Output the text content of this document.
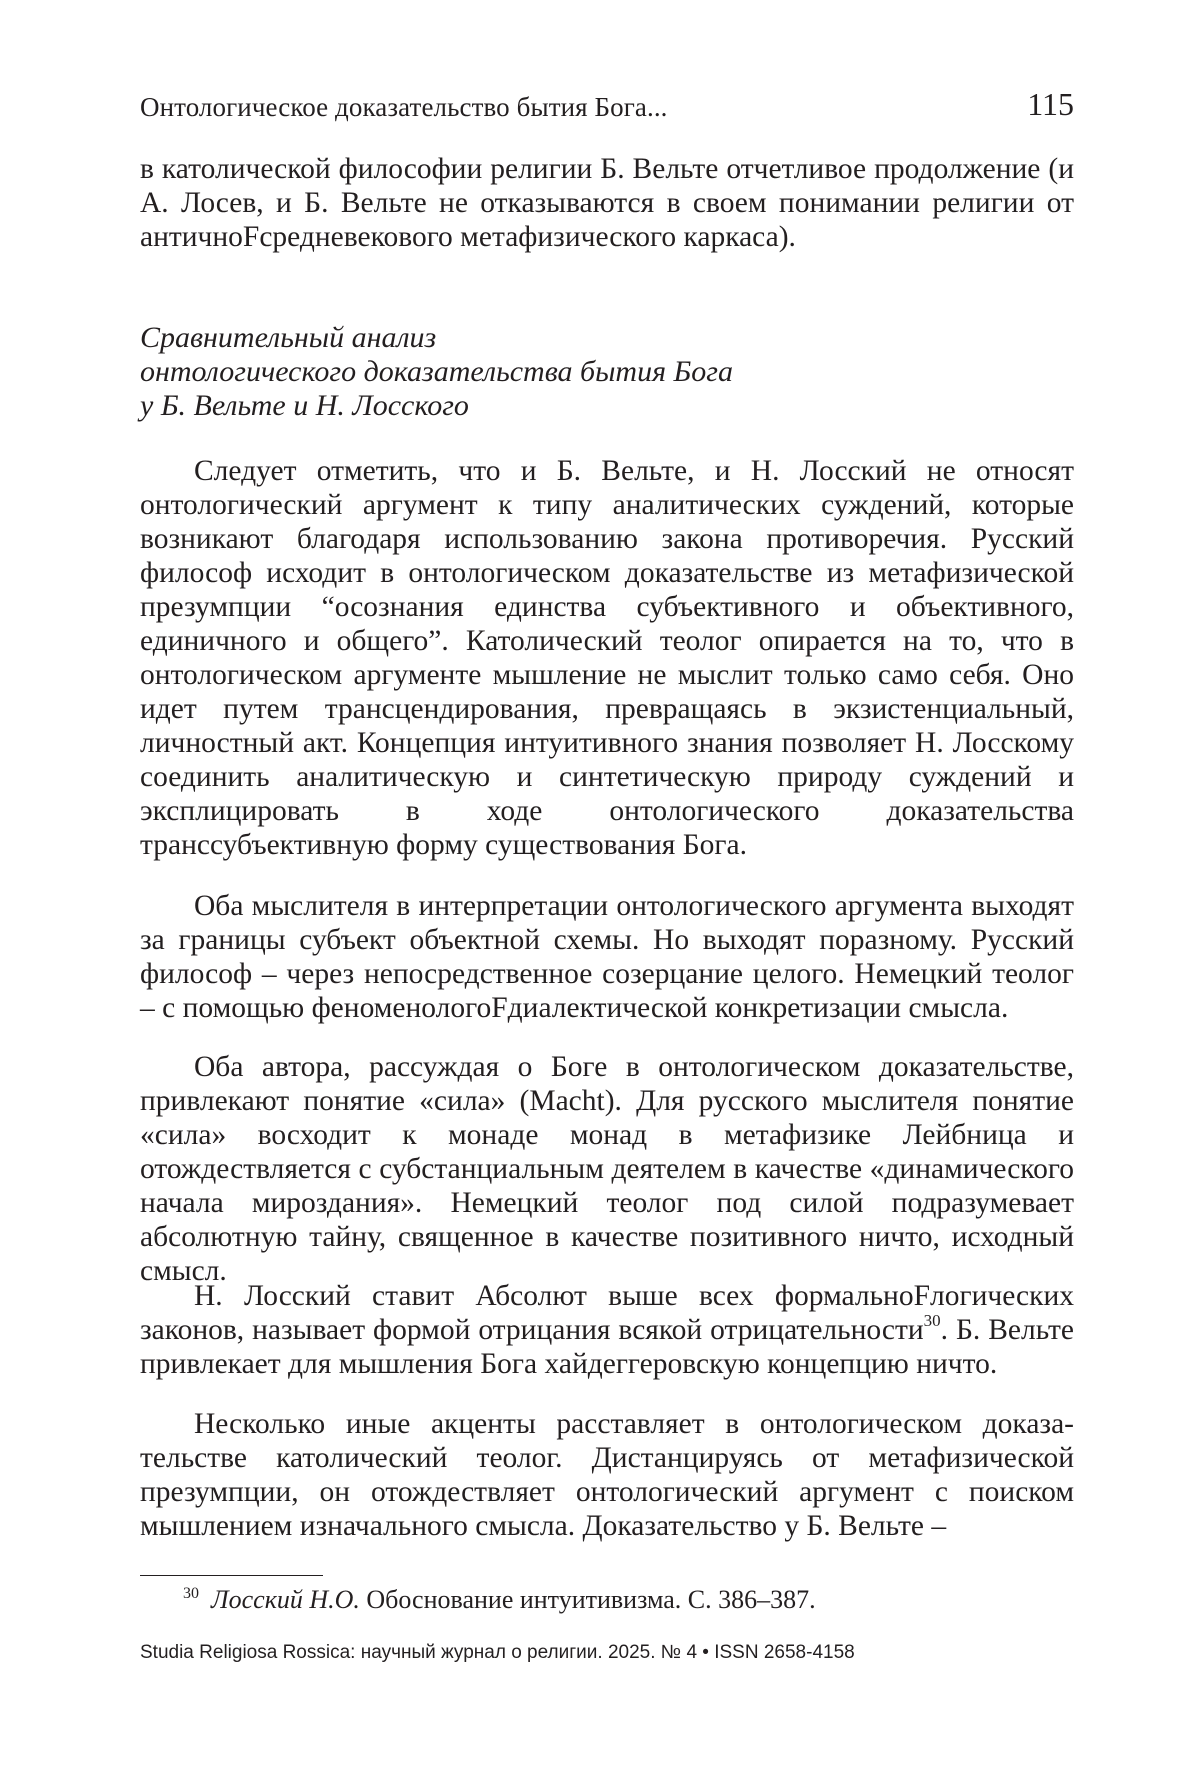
Онтологическое доказательство бытия Бога...	115

в католической философии религии Б. Вельте отчетливое продолжение (и А. Лосев, и Б. Вельте не отказываются в своем понимании религии от античноFсредневекового метафизического каркаса).

Сравнительный анализ
онтологического доказательства бытия Бога
у Б. Вельте и Н. Лосского

Следует отметить, что и Б. Вельте, и Н. Лосский не относят онтологический аргумент к типу аналитических суждений, которые возникают благодаря использованию закона противоречия. Русский философ исходит в онтологическом доказательстве из метафизической презумпции “осознания единства субъективного и объективного, единичного и общего”. Католический теолог опирается на то, что в онтологическом аргументе мышление не мыслит только само себя. Оно идет путем трансцендирования, превращаясь в экзистенциальный, личностный акт. Концепция интуитивного знания позволяет Н. Лосскому соединить аналитическую и синтетическую природу суждений и эксплицировать в ходе онтологического доказательства транссубъективную форму существования Бога.

Оба мыслителя в интерпретации онтологического аргумента выходят за границы субъект объектной схемы. Но выходят поразному. Русский философ – через непосредственное созерцание целого. Немецкий теолог – с помощью феноменологоFдиалектической конкретизации смысла.

Оба автора, рассуждая о Боге в онтологическом доказательстве, привлекают понятие «сила» (Macht). Для русского мыслителя понятие «сила» восходит к монаде монад в метафизике Лейбница и отождествляется с субстанциальным деятелем в качестве «динамического начала мироздания». Немецкий теолог под силой подразумевает абсолютную тайну, священное в качестве позитивного ничто, исходный смысл.

Н. Лосский ставит Абсолют выше всех формальноFлогических законов, называет формой отрицания всякой отрицательности$^{30}$. Б. Вельте привлекает для мышления Бога хайдеггеровскую концепцию ничто.

Несколько иные акценты расставляет в онтологическом доказательстве католический теолог. Дистанцируясь от метафизической презумпции, он отождествляет онтологический аргумент с поиском мышлением изначального смысла. Доказательство у Б. Вельте –

$^{30}$ Лосский Н.О. Обоснование интуитивизма. С. 386–387.
Studia Religiosa Rossica: научный журнал о религии. 2025. № 4 • ISSN 2658-4158
